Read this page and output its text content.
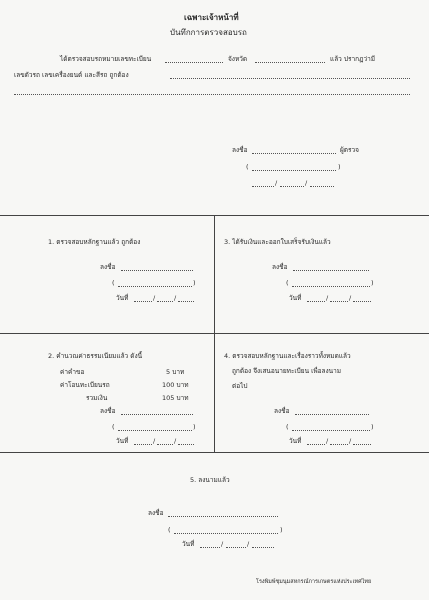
เฉพาะเจ้าหน้าที่
บันทึกการตรวจสอบรถ
ได้ตรวจสอบรถหมายเลขทะเบียน	จังหวัด	แล้ว ปรากฏว่ามี
เลขตัวรถ เลขเครื่องยนต์ และสีรถ ถูกต้อง
ลงชื่อ	ผู้ตรวจ
(	)
/	/
1. ตรวจสอบหลักฐานแล้ว ถูกต้อง
ลงชื่อ
(	)
วันที่	/	/
3. ได้รับเงินและออกใบเสร็จรับเงินแล้ว
ลงชื่อ
(	)
วันที่	/	/
2. คำนวณค่าธรรมเนียมแล้ว ดังนี้
ค่าคำขอ	5 บาท
ค่าโอนทะเบียนรถ	100 บาท
รวมเงิน	105 บาท
ลงชื่อ
(	)
วันที่	/	/
4. ตรวจสอบหลักฐานและเรื่องราวทั้งหมดแล้ว
ถูกต้อง จึงเสนอนายทะเบียน เพื่อลงนาม
ต่อไป
ลงชื่อ
(	)
วันที่	/	/
5. ลงนามแล้ว
ลงชื่อ
(	)
วันที่	/	/
โรงพิมพ์ชุมนุมสหกรณ์การเกษตรแห่งประเทศไทย
